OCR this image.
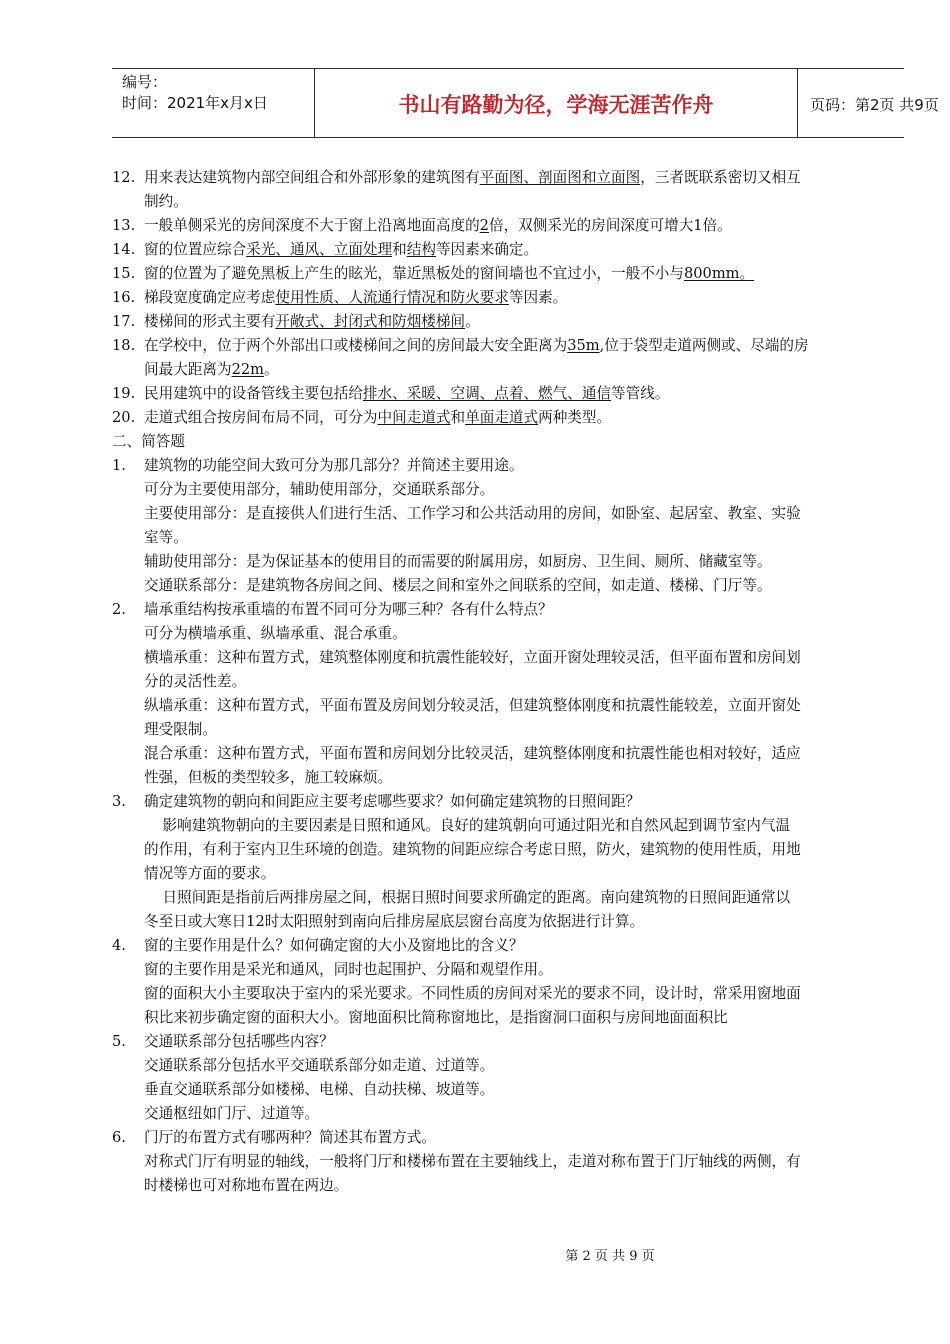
编号：
时间：2021年x月x日	书山有路勤为径，学海无涯苦作舟	页码：第2页 共9页
12. 用来表达建筑物内部空间组合和外部形象的建筑图有平面图、剖面图和立面图，三者既联系密切又相互
制约。
13. 一般单侧采光的房间深度不大于窗上沿离地面高度的2倍，双侧采光的房间深度可增大1倍。
14. 窗的位置应综合采光、通风、立面处理和结构等因素来确定。
15. 窗的位置为了避免黑板上产生的眩光，靠近黑板处的窗间墙也不宜过小，一般不小与800mm。
16. 梯段宽度确定应考虑使用性质、人流通行情况和防火要求等因素。
17. 楼梯间的形式主要有开敞式、封闭式和防烟楼梯间。
18. 在学校中，位于两个外部出口或楼梯间之间的房间最大安全距离为35m,位于袋型走道两侧或、尽端的房
间最大距离为22m。
19. 民用建筑中的设备管线主要包括给排水、采暖、空调、点着、燃气、通信等管线。
20. 走道式组合按房间布局不同，可分为中间走道式和单面走道式两种类型。
二、简答题
1. 建筑物的功能空间大致可分为那几部分？并简述主要用途。
可分为主要使用部分，辅助使用部分，交通联系部分。
主要使用部分：是直接供人们进行生活、工作学习和公共活动用的房间，如卧室、起居室、教室、实验
室等。
辅助使用部分：是为保证基本的使用目的而需要的附属用房，如厨房、卫生间、厕所、储藏室等。
交通联系部分：是建筑物各房间之间、楼层之间和室外之间联系的空间，如走道、楼梯、门厅等。
2. 墙承重结构按承重墙的布置不同可分为哪三种？各有什么特点？
可分为横墙承重、纵墙承重、混合承重。
横墙承重：这种布置方式，建筑整体刚度和抗震性能较好，立面开窗处理较灵活，但平面布置和房间划
分的灵活性差。
纵墙承重：这种布置方式，平面布置及房间划分较灵活，但建筑整体刚度和抗震性能较差，立面开窗处
理受限制。
混合承重：这种布置方式，平面布置和房间划分比较灵活，建筑整体刚度和抗震性能也相对较好，适应
性强，但板的类型较多，施工较麻烦。
3. 确定建筑物的朝向和间距应主要考虑哪些要求？如何确定建筑物的日照间距？
影响建筑物朝向的主要因素是日照和通风。良好的建筑朝向可通过阳光和自然风起到调节室内气温
的作用，有利于室内卫生环境的创造。建筑物的间距应综合考虑日照，防火，建筑物的使用性质，用地
情况等方面的要求。
日照间距是指前后两排房屋之间，根据日照时间要求所确定的距离。南向建筑物的日照间距通常以
冬至日或大寒日12时太阳照射到南向后排房屋底层窗台高度为依据进行计算。
4. 窗的主要作用是什么？如何确定窗的大小及窗地比的含义？
窗的主要作用是采光和通风，同时也起围护、分隔和观望作用。
窗的面积大小主要取决于室内的采光要求。不同性质的房间对采光的要求不同，设计时，常采用窗地面
积比来初步确定窗的面积大小。窗地面积比简称窗地比，是指窗洞口面积与房间地面面积比
5. 交通联系部分包括哪些内容？
交通联系部分包括水平交通联系部分如走道、过道等。
垂直交通联系部分如楼梯、电梯、自动扶梯、坡道等。
交通枢纽如门厅、过道等。
6. 门厅的布置方式有哪两种？简述其布置方式。
对称式门厅有明显的轴线，一般将门厅和楼梯布置在主要轴线上，走道对称布置于门厅轴线的两侧，有
时楼梯也可对称地布置在两边。
第 2 页 共 9 页
